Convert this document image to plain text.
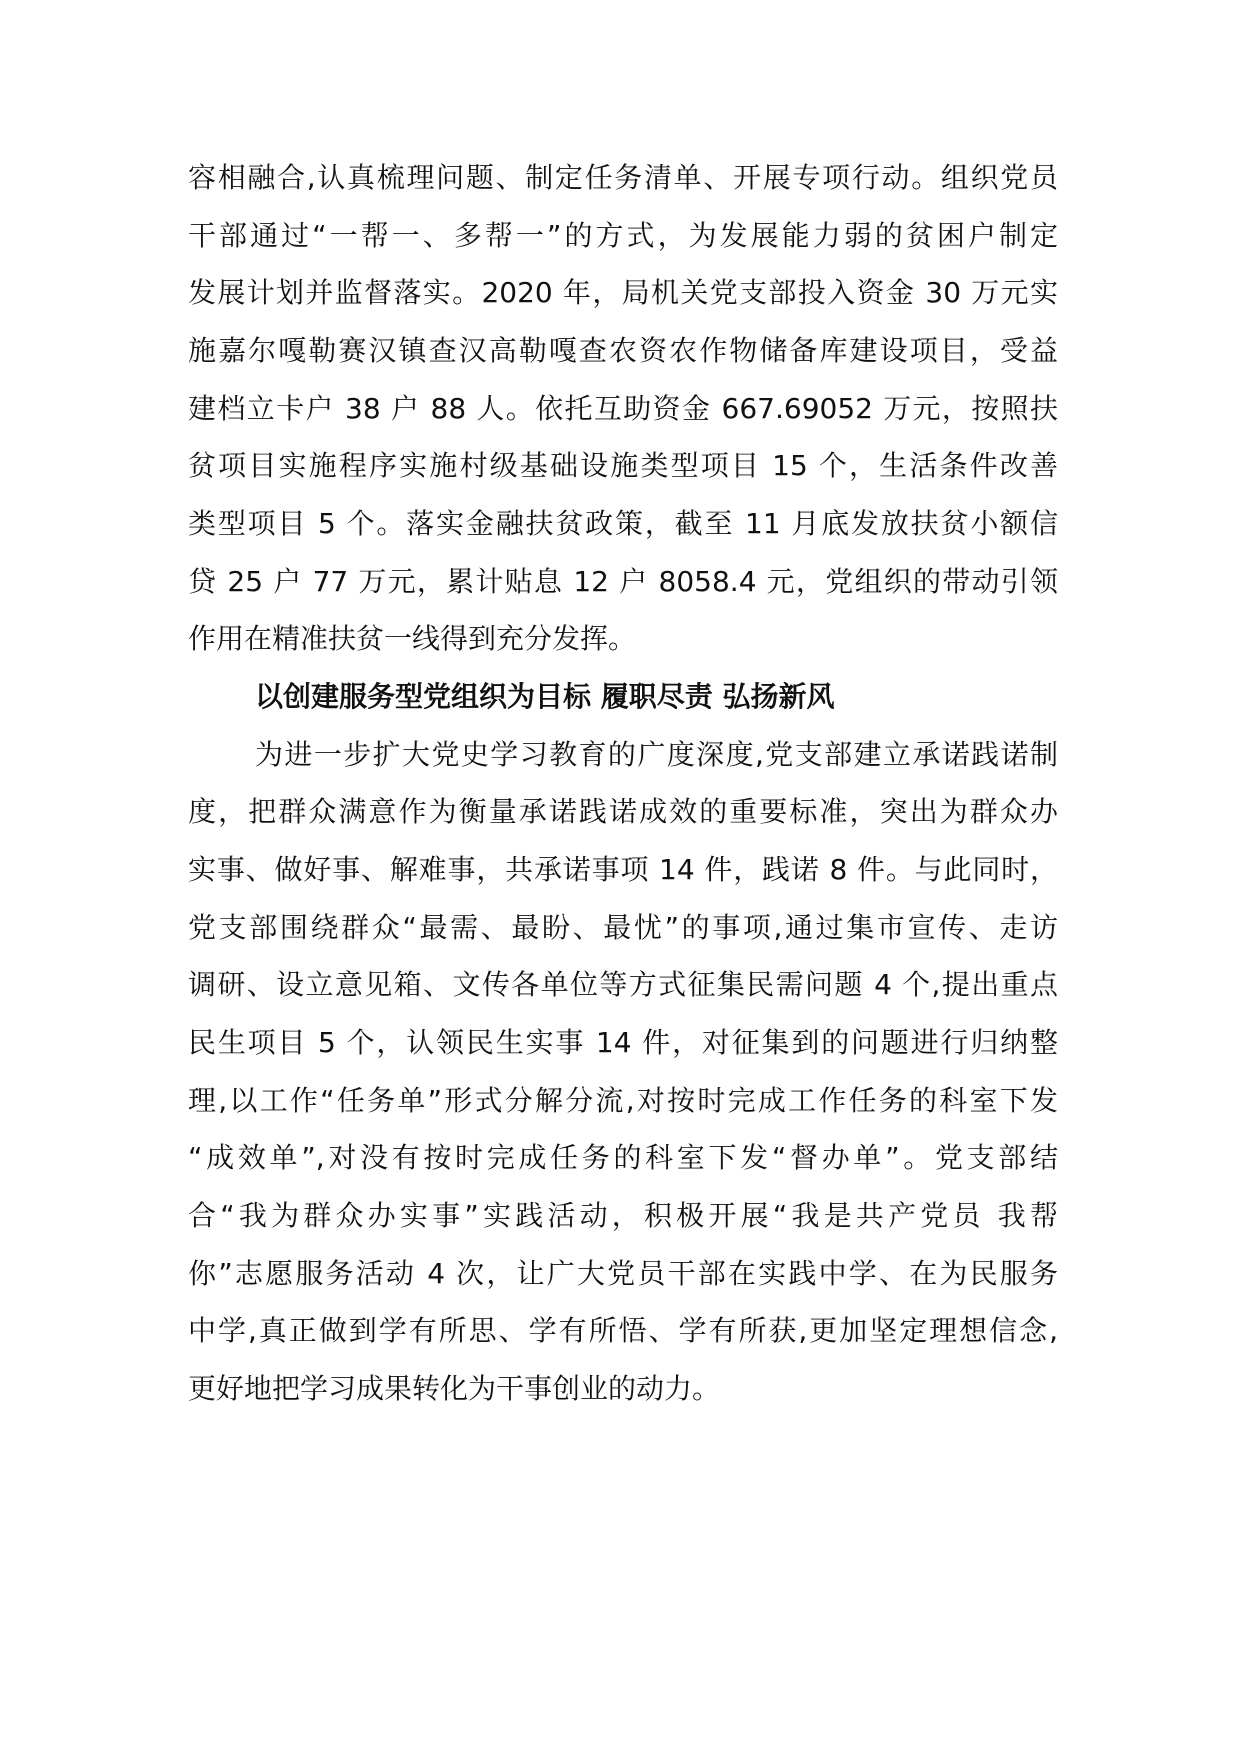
容相融合,认真梳理问题、制定任务清单、开展专项行动。组织党员
干部通过“一帮一、多帮一”的方式，为发展能力弱的贫困户制定
发展计划并监督落实。2020 年，局机关党支部投入资金 30 万元实
施嘉尔嘎勒赛汉镇查汉高勒嘎查农资农作物储备库建设项目，受益
建档立卡户 38 户 88 人。依托互助资金 667.69052 万元，按照扶
贫项目实施程序实施村级基础设施类型项目 15 个，生活条件改善
类型项目 5 个。落实金融扶贫政策，截至 11 月底发放扶贫小额信
贷 25 户 77 万元，累计贴息 12 户 8058.4 元，党组织的带动引领
作用在精准扶贫一线得到充分发挥。
以创建服务型党组织为目标 履职尽责 弘扬新风
为进一步扩大党史学习教育的广度深度,党支部建立承诺践诺制
度，把群众满意作为衡量承诺践诺成效的重要标准，突出为群众办
实事、做好事、解难事，共承诺事项 14 件，践诺 8 件。与此同时，
党支部围绕群众“最需、最盼、最忧”的事项,通过集市宣传、走访
调研、设立意见箱、文传各单位等方式征集民需问题 4 个,提出重点
民生项目 5 个，认领民生实事 14 件，对征集到的问题进行归纳整
理,以工作“任务单”形式分解分流,对按时完成工作任务的科室下发
“成效单”,对没有按时完成任务的科室下发“督办单”。党支部结
合“我为群众办实事”实践活动，积极开展“我是共产党员 我帮
你”志愿服务活动 4 次，让广大党员干部在实践中学、在为民服务
中学,真正做到学有所思、学有所悟、学有所获,更加坚定理想信念,
更好地把学习成果转化为干事创业的动力。
